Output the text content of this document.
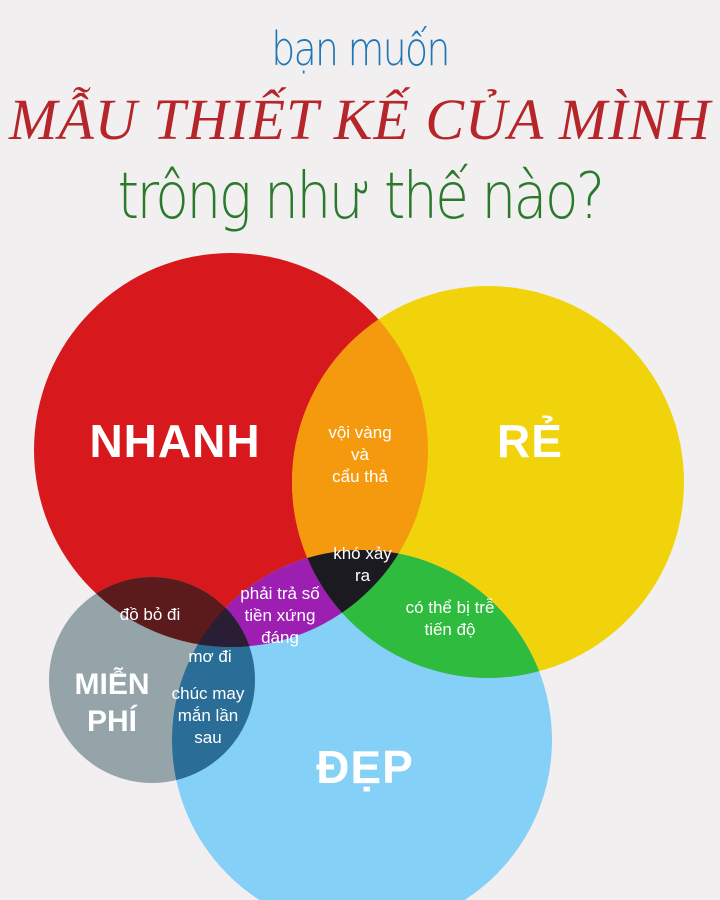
bạn muốn
MẪU THIẾT KẾ CỦA MÌNH
trông như thế nào?
NHANH	RẺ
ĐẸP
MIỄN
PHÍ
vội vàng
và
cẩu thả
khó xảy
ra
phải trả số
tiền xứng
đáng
có thể bị trễ
tiến độ
đồ bỏ đi
mơ đi
chúc may
mắn lần
sau
